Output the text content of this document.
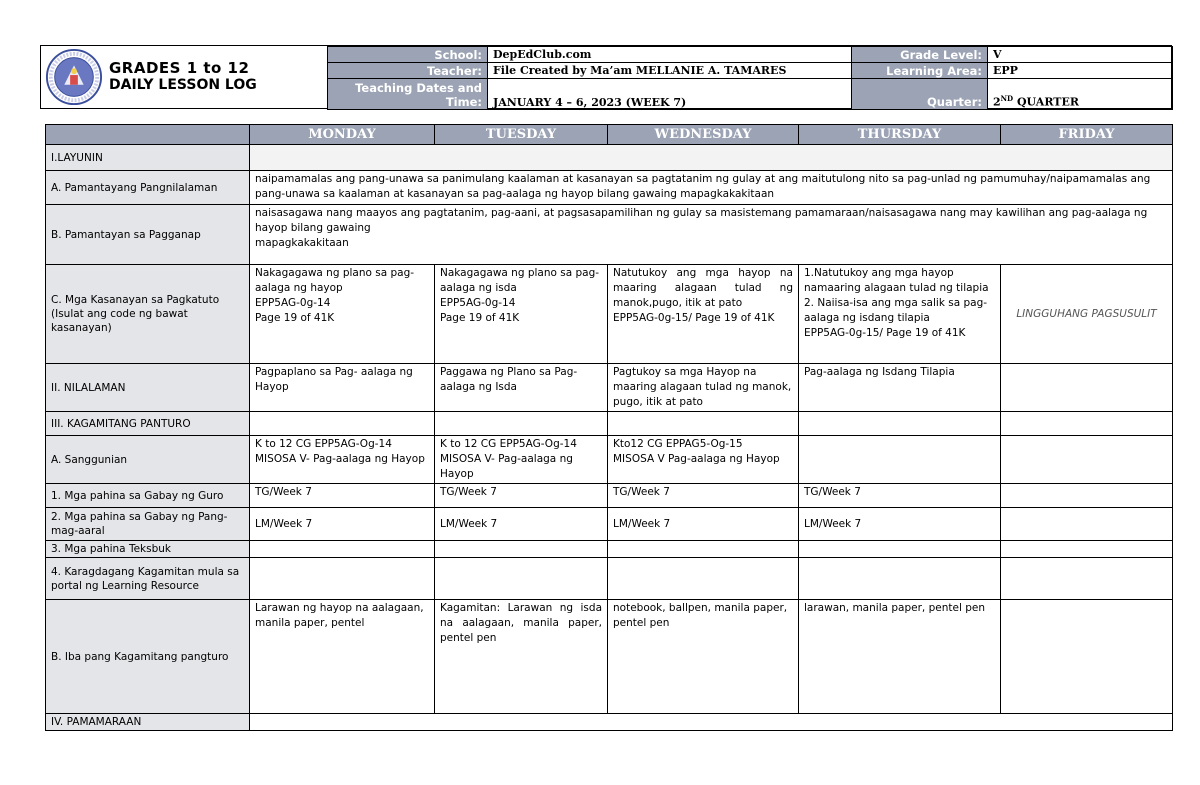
GRADES 1 to 12
DAILY LESSON LOG
School:	DepEdClub.com	Grade Level:	V
Teacher:	File Created by Ma’am MELLANIE A. TAMARES	Learning Area:	EPP

Teaching Dates and
Time:	JANUARY 4 – 6, 2023 (WEEK 7)	Quarter:	2ND QUARTER
	MONDAY	TUESDAY	WEDNESDAY	THURSDAY	FRIDAY
I.LAYUNIN					
A. Pamantayang Pangnilalaman	naipamamalas ang pang-unawa sa panimulang kaalaman at kasanayan sa pagtatanim ng gulay at ang maitutulong nito sa pag-unlad ng pamumuhay/naipamamalas ang pang-unawa sa kaalaman at kasanayan sa pag-aalaga ng hayop bilang gawaing mapagkakakitaan				
B. Pamantayan sa Pagganap	naisasagawa nang maayos ang pagtatanim, pag-aani, at pagsasapamilihan ng gulay sa masistemang pamamaraan/naisasagawa nang may kawilihan ang pag-aalaga ng hayop bilang gawaing
mapagkakakitaan				
C. Mga Kasanayan sa Pagkatuto (Isulat ang code ng bawat kasanayan)	Nakagagawa ng plano sa pag-aalaga ng hayop
EPP5AG-0g-14
Page 19 of 41K	Nakagagawa ng plano sa pag-aalaga ng isda
EPP5AG-0g-14
Page 19 of 41K	Natutukoy ang mga hayop na maaring alagaan tulad ng manok,pugo, itik at pato
EPP5AG-0g-15/ Page 19 of 41K	1.Natutukoy ang mga hayop namaaring alagaan tulad ng tilapia
2. Naiisa-isa ang mga salik sa pag-aalaga ng isdang tilapia
EPP5AG-0g-15/ Page 19 of 41K	LINGGUHANG PAGSUSULIT
II. NILALAMAN	Pagpaplano sa Pag- aalaga ng Hayop	Paggawa ng Plano sa Pag-aalaga ng Isda	Pagtukoy sa mga Hayop na maaring alagaan tulad ng manok, pugo, itik at pato	Pag-aalaga ng Isdang Tilapia	
III. KAGAMITANG PANTURO					
A. Sanggunian	K to 12 CG EPP5AG-Og-14
MISOSA V- Pag-aalaga ng Hayop	K to 12 CG EPP5AG-Og-14
MISOSA V- Pag-aalaga ng Hayop	Kto12 CG EPPAG5-Og-15
MISOSA V Pag-aalaga ng Hayop		
1. Mga pahina sa Gabay ng Guro	TG/Week 7	TG/Week 7	TG/Week 7	TG/Week 7	
2. Mga pahina sa Gabay ng Pang-mag-aaral	LM/Week 7	LM/Week 7	LM/Week 7	LM/Week 7	
3. Mga pahina Teksbuk					
4. Karagdagang Kagamitan mula sa portal ng Learning Resource					
B. Iba pang Kagamitang pangturo	Larawan ng hayop na aalagaan, manila paper, pentel	Kagamitan: Larawan ng isda na aalagaan, manila paper, pentel pen	notebook, ballpen, manila paper, pentel pen	larawan, manila paper, pentel pen	
IV. PAMAMARAAN					
